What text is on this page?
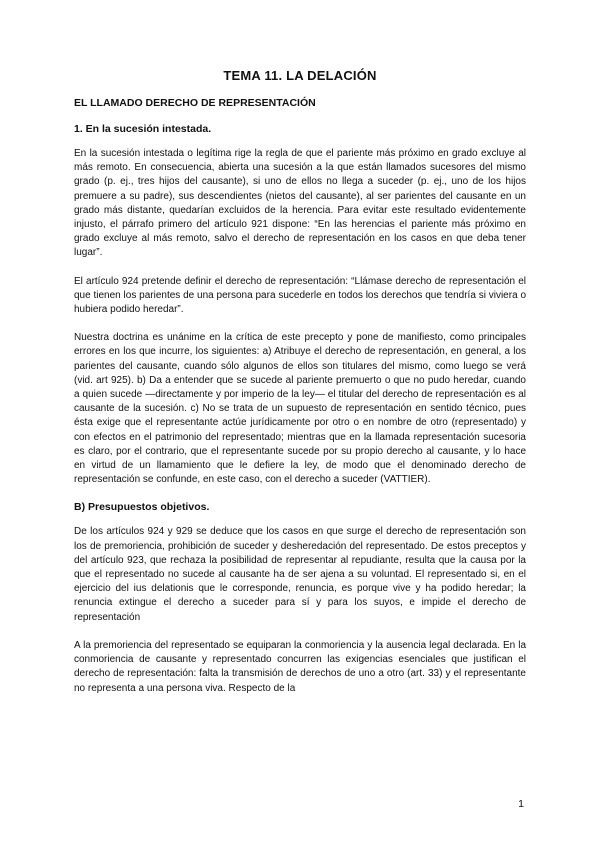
TEMA 11. LA DELACIÓN
EL LLAMADO DERECHO DE REPRESENTACIÓN
1. En la sucesión intestada.

En la sucesión intestada o legítima rige la regla de que el pariente más próximo en grado excluye al más remoto. En consecuencia, abierta una sucesión a la que están llamados sucesores del mismo grado (p. ej., tres hijos del causante), si uno de ellos no llega a suceder (p. ej., uno de los hijos premuere a su padre), sus descendientes (nietos del causante), al ser parientes del causante en un grado más distante, quedarían excluidos de la herencia. Para evitar este resultado evidentemente injusto, el párrafo primero del artículo 921 dispone: “En las herencias el pariente más próximo en grado excluye al más remoto, salvo el derecho de representación en los casos en que deba tener lugar”.

El artículo 924 pretende definir el derecho de representación: “Llámase derecho de representación el que tienen los parientes de una persona para sucederle en todos los derechos que tendría si viviera o hubiera podido heredar”.

Nuestra doctrina es unánime en la crítica de este precepto y pone de manifiesto, como principales errores en los que incurre, los siguientes: a) Atribuye el derecho de representación, en general, a los parientes del causante, cuando sólo algunos de ellos son titulares del mismo, como luego se verá (vid. art 925). b) Da a entender que se sucede al pariente premuerto o que no pudo heredar, cuando a quien sucede —directamente y por imperio de la ley— el titular del derecho de representación es al causante de la sucesión. c) No se trata de un supuesto de representación en sentido técnico, pues ésta exige que el representante actúe jurídicamente por otro o en nombre de otro (representado) y con efectos en el patrimonio del representado; mientras que en la llamada representación sucesoria es claro, por el contrario, que el representante sucede por su propio derecho al causante, y lo hace en virtud de un llamamiento que le defiere la ley, de modo que el denominado derecho de representación se confunde, en este caso, con el derecho a suceder (VATTIER).

B) Presupuestos objetivos.

De los artículos 924 y 929 se deduce que los casos en que surge el derecho de representación son los de premoriencia, prohibición de suceder y desheredación del representado. De estos preceptos y del artículo 923, que rechaza la posibilidad de representar al repudiante, resulta que la causa por la que el representado no sucede al causante ha de ser ajena a su voluntad. El representado si, en el ejercicio del ius delationis que le corresponde, renuncia, es porque vive y ha podido heredar; la renuncia extingue el derecho a suceder para sí y para los suyos, e impide el derecho de representación

A la premoriencia del representado se equiparan la conmoriencia y la ausencia legal declarada. En la conmoriencia de causante y representado concurren las exigencias esenciales que justifican el derecho de representación: falta la transmisión de derechos de uno a otro (art. 33) y el representante no representa a una persona viva. Respecto de la

1
